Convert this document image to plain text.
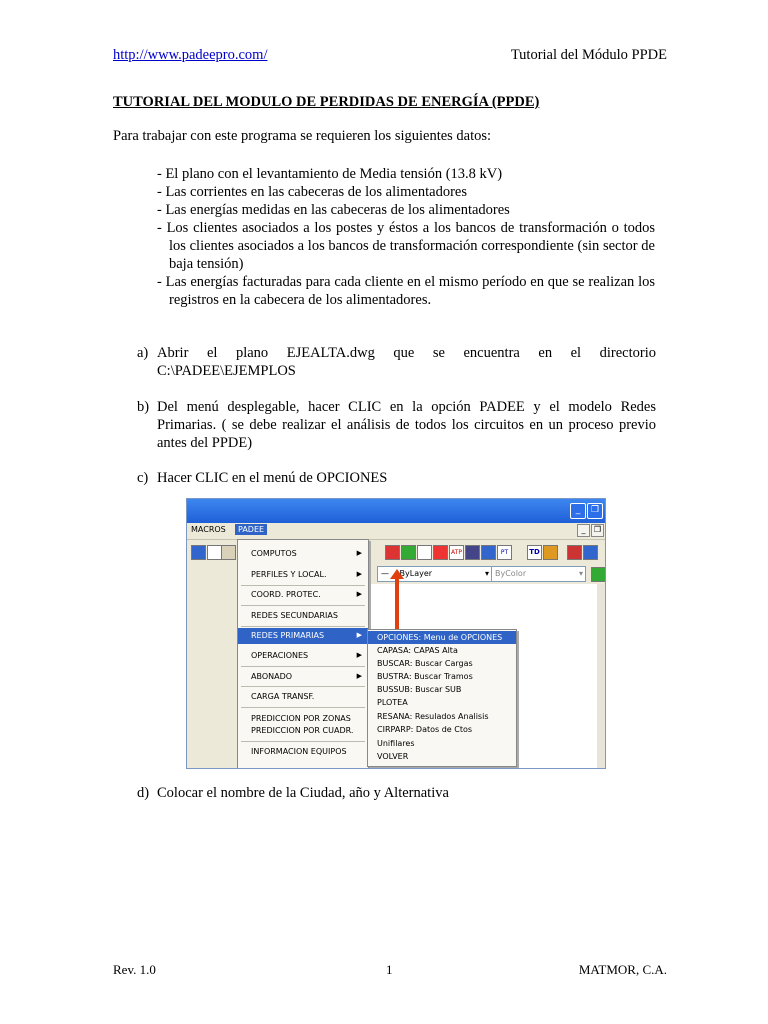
http://www.padeepro.com/	Tutorial del Módulo PPDE
TUTORIAL DEL MODULO DE PERDIDAS DE ENERGÍA (PPDE)
Para trabajar con este programa se requieren los siguientes datos:
- El plano con el levantamiento de Media tensión (13.8 kV)
- Las corrientes en las cabeceras de los alimentadores
- Las energías medidas en las cabeceras de los alimentadores
- Los clientes asociados a los postes y éstos a los bancos de transformación o todos los clientes asociados a los bancos de transformación correspondiente (sin sector de baja tensión)
- Las energías facturadas para cada cliente en el mismo período en que se realizan los registros en la cabecera de los alimentadores.
a) Abrir el plano EJEALTA.dwg que se encuentra en el directorio C:\PADEE\EJEMPLOS
b) Del menú desplegable, hacer CLIC en la opción PADEE y el modelo Redes Primarias. ( se debe realizar el análisis de todos los circuitos en un proceso previo antes del PPDE)
c) Hacer CLIC en el menú de OPCIONES
_	❐
MACROS	PADEE	_	❐
ATP	PT	TD
— ByLayer	▾ ByColor	▾
COMPUTOS	▶
PERFILES Y LOCAL.	▶
COORD. PROTEC.	▶
REDES SECUNDARIAS
REDES PRIMARIAS	▶
OPERACIONES	▶
ABONADO	▶
CARGA TRANSF.
PREDICCION POR ZONAS
PREDICCION POR CUADR.
INFORMACION EQUIPOS
OPCIONES: Menu de OPCIONES
CAPASA: CAPAS Alta
BUSCAR: Buscar Cargas
BUSTRA: Buscar Tramos
BUSSUB: Buscar SUB
PLOTEA
RESANA: Resulados Analisis
CIRPARP: Datos de Ctos
Unifilares
VOLVER
d) Colocar el nombre de la Ciudad, año y Alternativa
Rev. 1.0	1	MATMOR, C.A.
